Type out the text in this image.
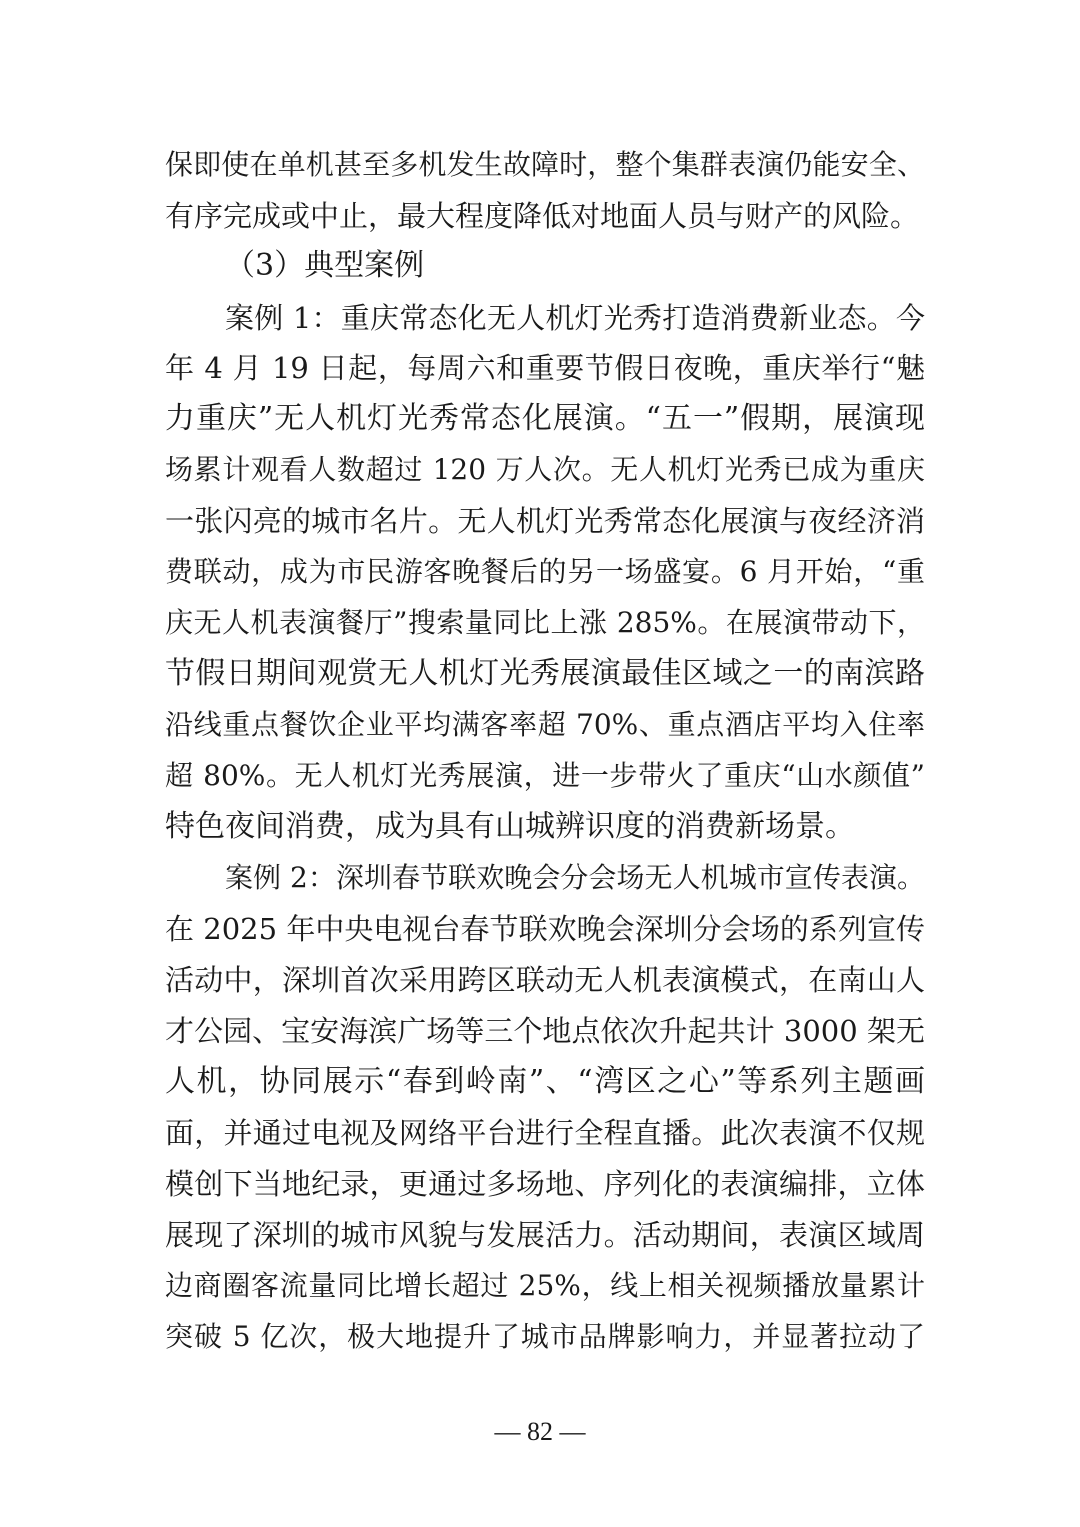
保即使在单机甚至多机发生故障时，整个集群表演仍能安全、
有序完成或中止，最大程度降低对地面人员与财产的风险。
（3）典型案例
案例 1：重庆常态化无人机灯光秀打造消费新业态。今
年 4 月 19 日起，每周六和重要节假日夜晚，重庆举行“魅
力重庆”无人机灯光秀常态化展演。“五一”假期，展演现
场累计观看人数超过 120 万人次。无人机灯光秀已成为重庆
一张闪亮的城市名片。无人机灯光秀常态化展演与夜经济消
费联动，成为市民游客晚餐后的另一场盛宴。6 月开始，“重
庆无人机表演餐厅”搜索量同比上涨 285%。在展演带动下，
节假日期间观赏无人机灯光秀展演最佳区域之一的南滨路
沿线重点餐饮企业平均满客率超 70%、重点酒店平均入住率
超 80%。无人机灯光秀展演，进一步带火了重庆“山水颜值”
特色夜间消费，成为具有山城辨识度的消费新场景。
案例 2：深圳春节联欢晚会分会场无人机城市宣传表演。
在 2025 年中央电视台春节联欢晚会深圳分会场的系列宣传
活动中，深圳首次采用跨区联动无人机表演模式，在南山人
才公园、宝安海滨广场等三个地点依次升起共计 3000 架无
人机，协同展示“春到岭南”、“湾区之心”等系列主题画
面，并通过电视及网络平台进行全程直播。此次表演不仅规
模创下当地纪录，更通过多场地、序列化的表演编排，立体
展现了深圳的城市风貌与发展活力。活动期间，表演区域周
边商圈客流量同比增长超过 25%，线上相关视频播放量累计
突破 5 亿次，极大地提升了城市品牌影响力，并显著拉动了
— 82 —
